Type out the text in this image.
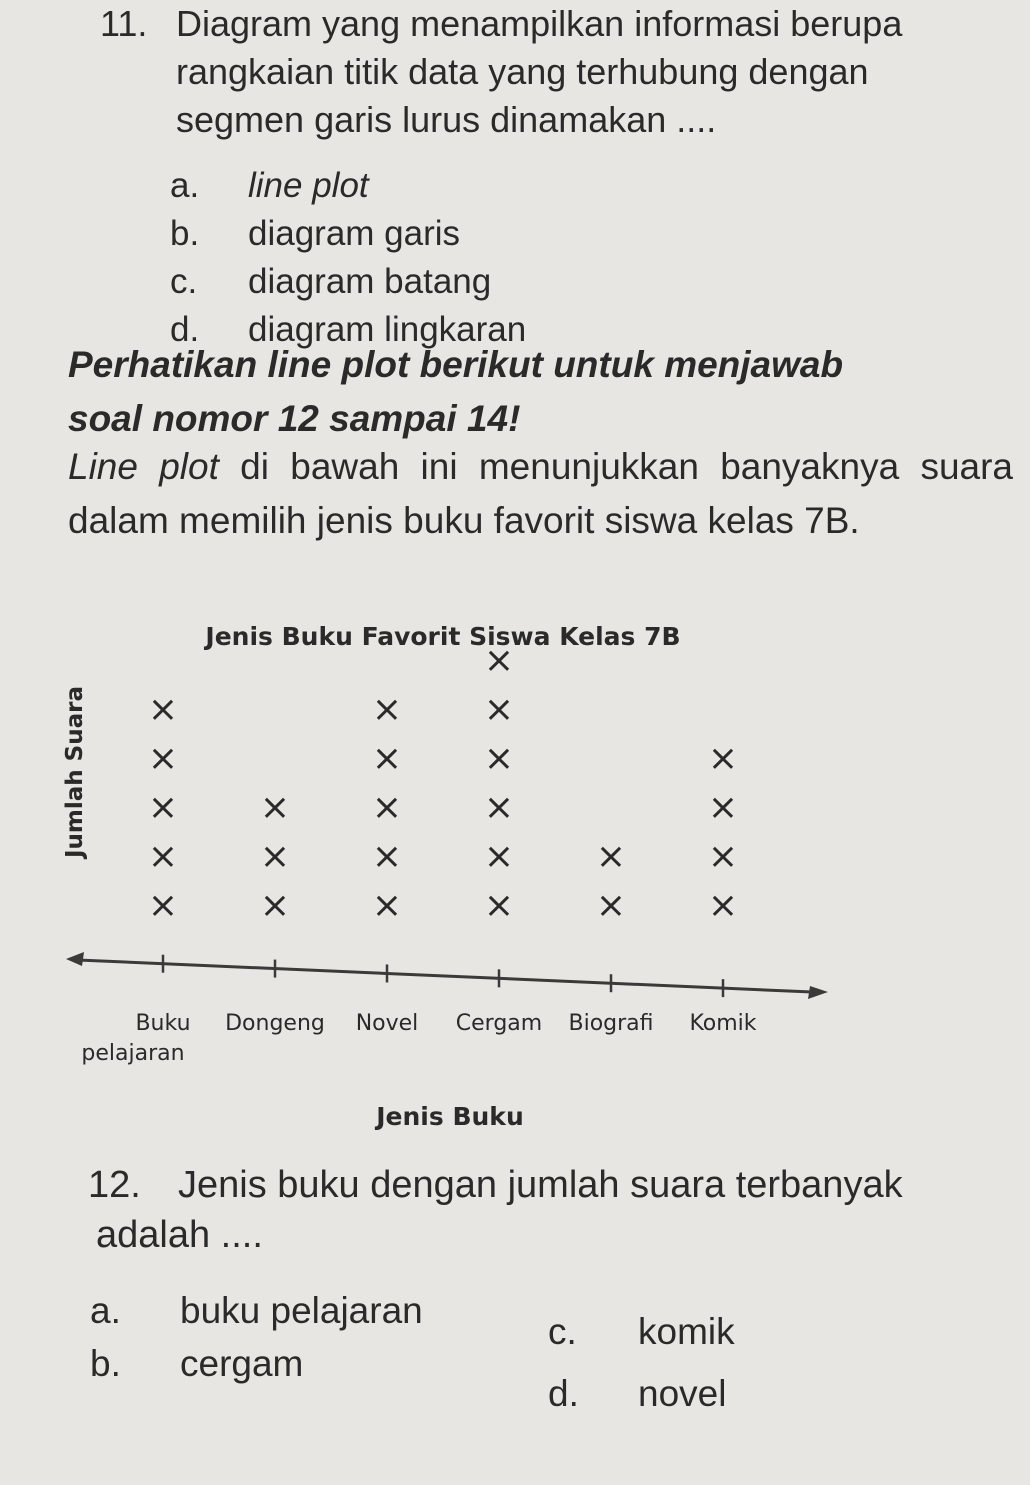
11. Diagram yang menampilkan informasi berupa
rangkaian titik data yang terhubung dengan
segmen garis lurus dinamakan ....
a. line plot
b. diagram garis
c. diagram batang
d. diagram lingkaran
Perhatikan line plot berikut untuk menjawab
soal nomor 12 sampai 14!
Line plot di bawah ini menunjukkan banyaknya suara dalam memilih jenis buku favorit siswa kelas 7B.
Jenis Buku Favorit Siswa Kelas 7B
Jumlah Suara
Buku
pelajaran
×
×
×
×
×
Dongeng
×
×
×
Novel
×
×
×
×
×
Cergam
×
×
×
×
×
×
Biografi
×
×
Komik
×
×
×
×
Jenis Buku
12. Jenis buku dengan jumlah suara terbanyak
adalah ....
a. buku pelajaran
b. cergam
c. komik
d. novel
